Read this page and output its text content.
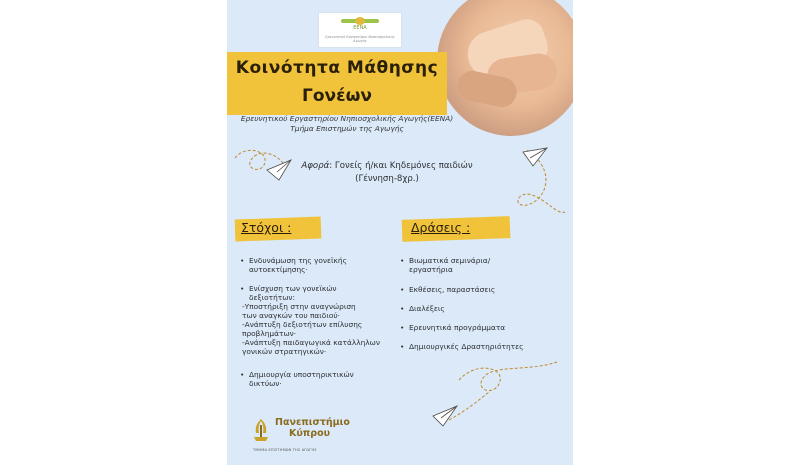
ΕΕΝΑ
Ερευνητικό Εργαστήριο Νηπιοσχολικής Αγωγής
Κοινότητα Μάθησης
Γονέων
Ερευνητικού Εργαστηρίου Νηπιοσχολικής Αγωγής(ΕΕΝΑ)
Τμήμα Επιστημών της Αγωγής
Αφορά: Γονείς ή/και Κηδεμόνες παιδιών
(Γέννηση-8χρ.)
Στόχοι :	Δράσεις :
• Ενδυνάμωση της γονεϊκής
αυτοεκτίμησης·
• Ενίσχυση των γονεϊκών
δεξιοτήτων:
-Υποστήριξη στην αναγνώριση
των αναγκών του παιδιού·
-Ανάπτυξη δεξιοτήτων επίλυσης
προβλημάτων·
-Ανάπτυξη παιδαγωγικά κατάλληλων
γονικών στρατηγικών·
• Δημιουργία υποστηρικτικών
δικτύων·
• Βιωματικά σεμινάρια/
εργαστήρια
• Εκθέσεις, παραστάσεις
• Διαλέξεις
• Ερευνητικά προγράμματα
• Δημιουργικές Δραστηριότητες
Πανεπιστήμιο
Κύπρου
ΤΜΗΜΑ ΕΠΙΣΤΗΜΩΝ ΤΗΣ ΑΓΩΓΗΣ
